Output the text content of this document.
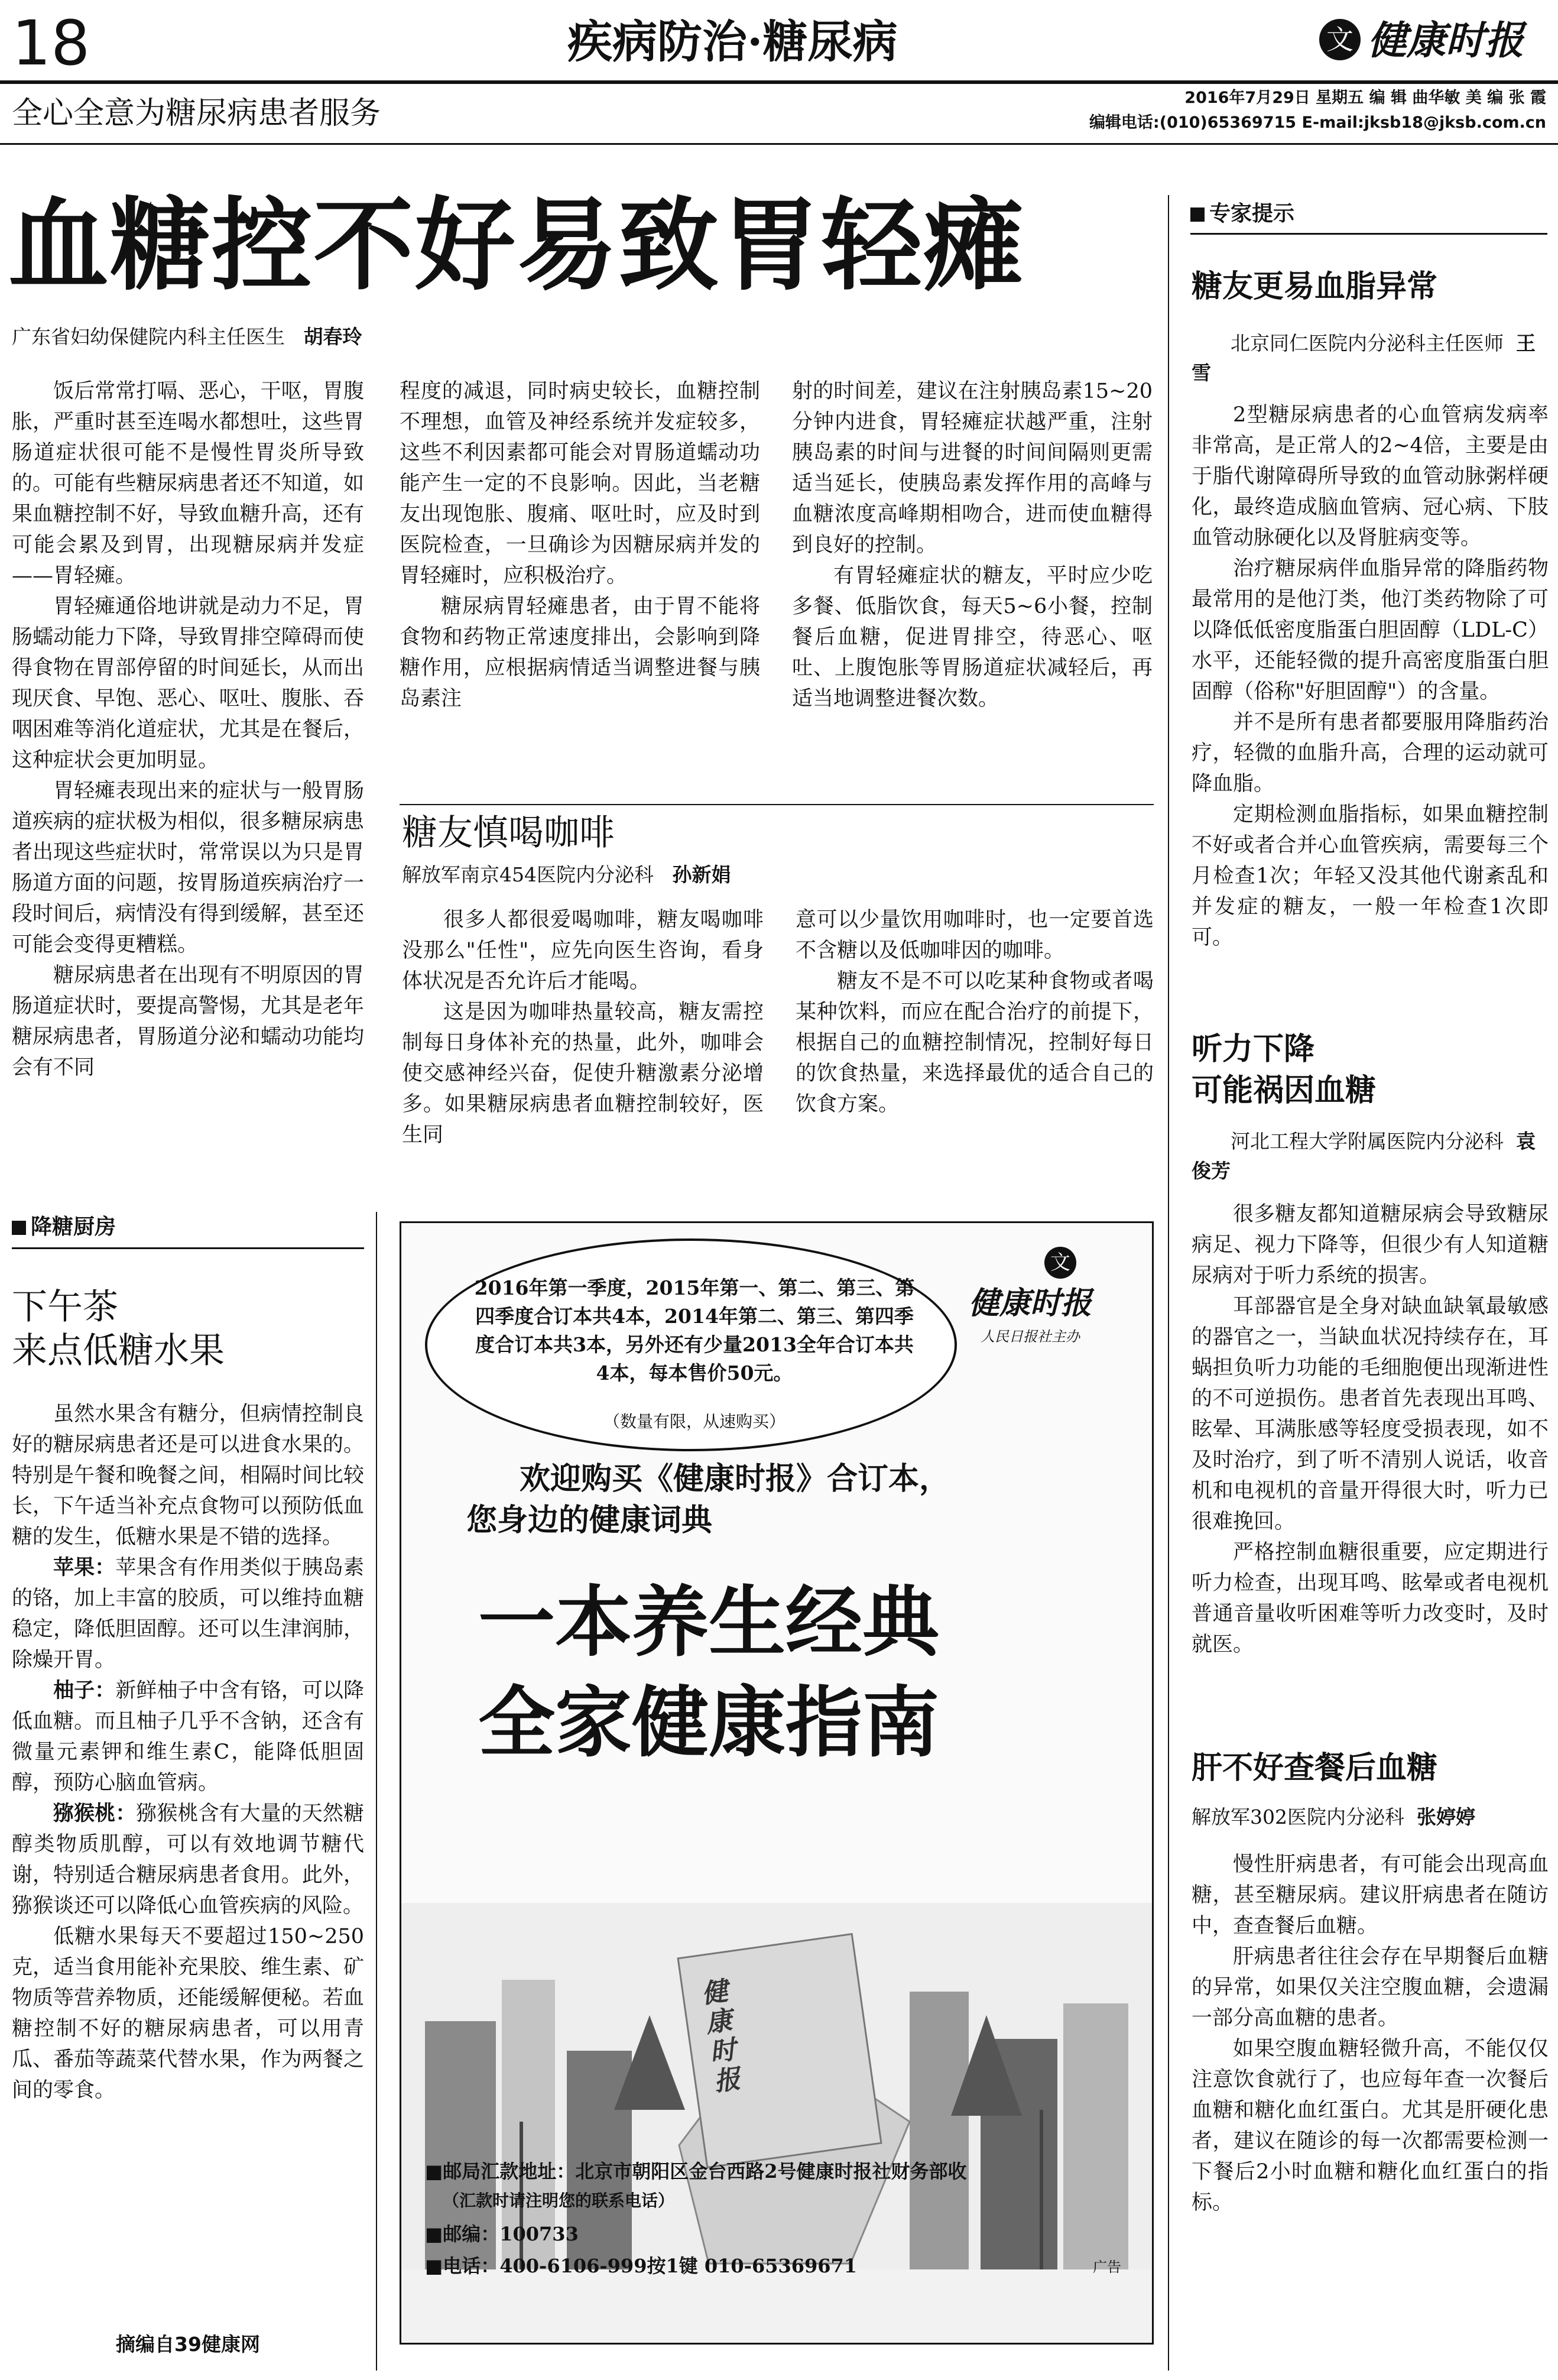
18	疾病防治·糖尿病	文 健康时报
全心全意为糖尿病患者服务	2016年7月29日 星期五 编 辑 曲华敏 美 编 张 霞
编辑电话:(010)65369715 E-mail:jksb18@jksb.com.cn
血糖控不好易致胃轻瘫
广东省妇幼保健院内科主任医生 胡春玲

饭后常常打嗝、恶心，干呕，胃腹胀，严重时甚至连喝水都想吐，这些胃肠道症状很可能不是慢性胃炎所导致的。可能有些糖尿病患者还不知道，如果血糖控制不好，导致血糖升高，还有可能会累及到胃，出现糖尿病并发症——胃轻瘫。

胃轻瘫通俗地讲就是动力不足，胃肠蠕动能力下降，导致胃排空障碍而使得食物在胃部停留的时间延长，从而出现厌食、早饱、恶心、呕吐、腹胀、吞咽困难等消化道症状，尤其是在餐后，这种症状会更加明显。

胃轻瘫表现出来的症状与一般胃肠道疾病的症状极为相似，很多糖尿病患者出现这些症状时，常常误以为只是胃肠道方面的问题，按胃肠道疾病治疗一段时间后，病情没有得到缓解，甚至还可能会变得更糟糕。

糖尿病患者在出现有不明原因的胃肠道症状时，要提高警惕，尤其是老年糖尿病患者，胃肠道分泌和蠕动功能均会有不同

程度的减退，同时病史较长，血糖控制不理想，血管及神经系统并发症较多，这些不利因素都可能会对胃肠道蠕动功能产生一定的不良影响。因此，当老糖友出现饱胀、腹痛、呕吐时，应及时到医院检查，一旦确诊为因糖尿病并发的胃轻瘫时，应积极治疗。

糖尿病胃轻瘫患者，由于胃不能将食物和药物正常速度排出，会影响到降糖作用，应根据病情适当调整进餐与胰岛素注

射的时间差，建议在注射胰岛素15~20分钟内进食，胃轻瘫症状越严重，注射胰岛素的时间与进餐的时间间隔则更需适当延长，使胰岛素发挥作用的高峰与血糖浓度高峰期相吻合，进而使血糖得到良好的控制。

有胃轻瘫症状的糖友，平时应少吃多餐、低脂饮食，每天5~6小餐，控制餐后血糖，促进胃排空，待恶心、呕吐、上腹饱胀等胃肠道症状减轻后，再适当地调整进餐次数。

糖友慎喝咖啡
解放军南京454医院内分泌科 孙新娟

很多人都很爱喝咖啡，糖友喝咖啡没那么"任性"，应先向医生咨询，看身体状况是否允许后才能喝。

这是因为咖啡热量较高，糖友需控制每日身体补充的热量，此外，咖啡会使交感神经兴奋，促使升糖激素分泌增多。如果糖尿病患者血糖控制较好，医生同

意可以少量饮用咖啡时，也一定要首选不含糖以及低咖啡因的咖啡。

糖友不是不可以吃某种食物或者喝某种饮料，而应在配合治疗的前提下，根据自己的血糖控制情况，控制好每日的饮食热量，来选择最优的适合自己的饮食方案。

降糖厨房
下午茶
来点低糖水果

虽然水果含有糖分，但病情控制良好的糖尿病患者还是可以进食水果的。特别是午餐和晚餐之间，相隔时间比较长，下午适当补充点食物可以预防低血糖的发生，低糖水果是不错的选择。

苹果：苹果含有作用类似于胰岛素的铬，加上丰富的胶质，可以维持血糖稳定，降低胆固醇。还可以生津润肺，除燥开胃。

柚子：新鲜柚子中含有铬，可以降低血糖。而且柚子几乎不含钠，还含有微量元素钾和维生素C，能降低胆固醇，预防心脑血管病。

猕猴桃：猕猴桃含有大量的天然糖醇类物质肌醇，可以有效地调节糖代谢，特别适合糖尿病患者食用。此外，猕猴谈还可以降低心血管疾病的风险。

低糖水果每天不要超过150~250克，适当食用能补充果胶、维生素、矿物质等营养物质，还能缓解便秘。若血糖控制不好的糖尿病患者，可以用青瓜、番茄等蔬菜代替水果，作为两餐之间的零食。

摘编自39健康网
2016年第一季度，2015年第一、第二、第三、第四季度合订本共4本，2014年第二、第三、第四季度合订本共3本，另外还有少量2013全年合订本共4本，每本售价50元。
（数量有限，从速购买）
文
健康时报
人民日报社主办
欢迎购买《健康时报》合订本，
您身边的健康词典
一本养生经典
全家健康指南
健康时报
■邮局汇款地址：北京市朝阳区金台西路2号健康时报社财务部收
（汇款时请注明您的联系电话）
■邮编：100733
■电话：400-6106-999按1键 010-65369671	广告
专家提示
糖友更易血脂异常
北京同仁医院内分泌科主任医师 王 雪

2型糖尿病患者的心血管病发病率非常高，是正常人的2~4倍，主要是由于脂代谢障碍所导致的血管动脉粥样硬化，最终造成脑血管病、冠心病、下肢血管动脉硬化以及肾脏病变等。

治疗糖尿病伴血脂异常的降脂药物最常用的是他汀类，他汀类药物除了可以降低低密度脂蛋白胆固醇（LDL-C）水平，还能轻微的提升高密度脂蛋白胆固醇（俗称"好胆固醇"）的含量。

并不是所有患者都要服用降脂药治疗，轻微的血脂升高，合理的运动就可降血脂。

定期检测血脂指标，如果血糖控制不好或者合并心血管疾病，需要每三个月检查1次；年轻又没其他代谢紊乱和并发症的糖友，一般一年检查1次即可。

听力下降
可能祸因血糖
河北工程大学附属医院内分泌科 袁俊芳

很多糖友都知道糖尿病会导致糖尿病足、视力下降等，但很少有人知道糖尿病对于听力系统的损害。

耳部器官是全身对缺血缺氧最敏感的器官之一，当缺血状况持续存在，耳蜗担负听力功能的毛细胞便出现渐进性的不可逆损伤。患者首先表现出耳鸣、眩晕、耳满胀感等轻度受损表现，如不及时治疗，到了听不清别人说话，收音机和电视机的音量开得很大时，听力已很难挽回。

严格控制血糖很重要，应定期进行听力检查，出现耳鸣、眩晕或者电视机普通音量收听困难等听力改变时，及时就医。

肝不好查餐后血糖
解放军302医院内分泌科 张婷婷

慢性肝病患者，有可能会出现高血糖，甚至糖尿病。建议肝病患者在随访中，查查餐后血糖。

肝病患者往往会存在早期餐后血糖的异常，如果仅关注空腹血糖，会遗漏一部分高血糖的患者。

如果空腹血糖轻微升高，不能仅仅注意饮食就行了，也应每年查一次餐后血糖和糖化血红蛋白。尤其是肝硬化患者，建议在随诊的每一次都需要检测一下餐后2小时血糖和糖化血红蛋白的指标。
